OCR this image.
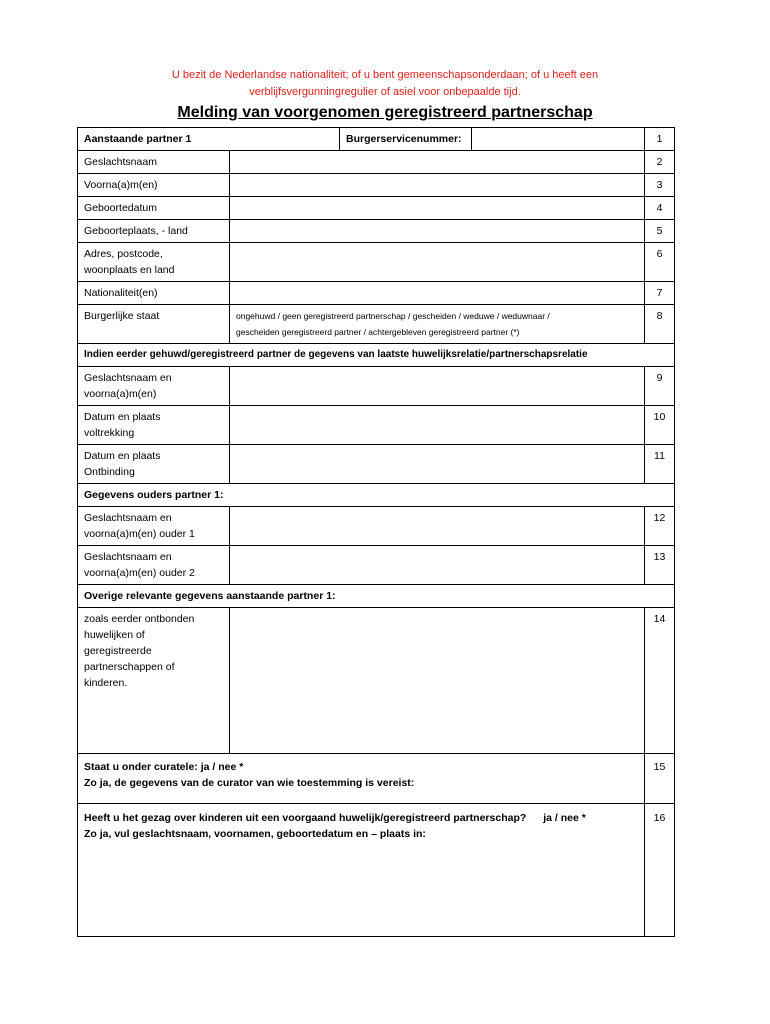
U bezit de Nederlandse nationaliteit; of u bent gemeenschapsonderdaan; of u heeft een
verblijfsvergunningregulier of asiel voor onbepaalde tijd.
Melding van voorgenomen geregistreerd partnerschap
Aanstaande partner 1		Burgerservicenummer:		1
Geslachtsnaam				2
Voorna(a)m(en)				3
Geboortedatum				4
Geboorteplaats, - land				5

Adres, postcode,
woonplaats en land				6
Nationaliteit(en)				7
Burgerlijke staat	ongehuwd / geen geregistreerd partnerschap / gescheiden / weduwe / weduwnaar /
gescheiden geregistreerd partner / achtergebleven geregistreerd partner (*)			8
Indien eerder gehuwd/geregistreerd partner de gegevens van laatste huwelijksrelatie/partnerschapsrelatie				

Geslachtsnaam en
voorna(a)m(en)				9

Datum en plaats
voltrekking				10

Datum en plaats
Ontbinding				11
Gegevens ouders partner 1:				

Geslachtsnaam en
voorna(a)m(en) ouder 1				12

Geslachtsnaam en
voorna(a)m(en) ouder 2				13
Overige relevante gegevens aanstaande partner 1:				

zoals eerder ontbonden
huwelijken of
geregistreerde
partnerschappen of
kinderen.				14

Staat u onder curatele: ja / nee *
Zo ja, de gegevens van de curator van wie toestemming is vereist:				15

Heeft u het gezag over kinderen uit een voorgaand huwelijk/geregistreerd partnerschap? ja / nee *
Zo ja, vul geslachtsnaam, voornamen, geboortedatum en – plaats in:				16
